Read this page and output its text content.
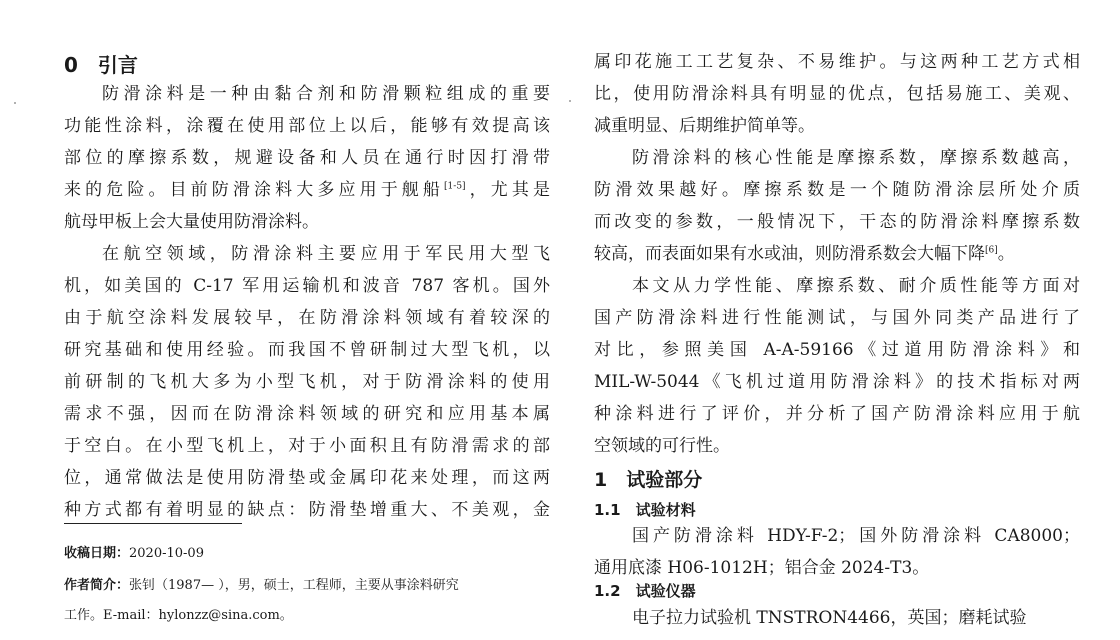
0　引言
防滑涂料是一种由黏合剂和防滑颗粒组成的重要
功能性涂料，涂覆在使用部位上以后，能够有效提高该
部位的摩擦系数，规避设备和人员在通行时因打滑带
来的危险。目前防滑涂料大多应用于舰船[1-5]，尤其是
航母甲板上会大量使用防滑涂料。
在航空领域，防滑涂料主要应用于军民用大型飞
机，如美国的 C-17 军用运输机和波音 787 客机。国外
由于航空涂料发展较早，在防滑涂料领域有着较深的
研究基础和使用经验。而我国不曾研制过大型飞机，以
前研制的飞机大多为小型飞机，对于防滑涂料的使用
需求不强，因而在防滑涂料领域的研究和应用基本属
于空白。在小型飞机上，对于小面积且有防滑需求的部
位，通常做法是使用防滑垫或金属印花来处理，而这两
种方式都有着明显的缺点：防滑垫增重大、不美观，金
收稿日期：2020-10-09
作者简介：张钊（1987— ），男，硕士，工程师，主要从事涂料研究
工作。E-mail：hylonzz@sina.com。
属印花施工工艺复杂、不易维护。与这两种工艺方式相
比，使用防滑涂料具有明显的优点，包括易施工、美观、
减重明显、后期维护简单等。
防滑涂料的核心性能是摩擦系数，摩擦系数越高，
防滑效果越好。摩擦系数是一个随防滑涂层所处介质
而改变的参数，一般情况下，干态的防滑涂料摩擦系数
较高，而表面如果有水或油，则防滑系数会大幅下降[6]。
本文从力学性能、摩擦系数、耐介质性能等方面对
国产防滑涂料进行性能测试，与国外同类产品进行了
对比，参照美国 A-A-59166《过道用防滑涂料》和
MIL-W-5044《飞机过道用防滑涂料》的技术指标对两
种涂料进行了评价，并分析了国产防滑涂料应用于航
空领域的可行性。
1　试验部分
1.1　试验材料
国产防滑涂料 HDY-F-2；国外防滑涂料 CA8000；
通用底漆 H06-1012H；铝合金 2024-T3。
1.2　试验仪器
电子拉力试验机 TNSTRON4466，英国；磨耗试验
